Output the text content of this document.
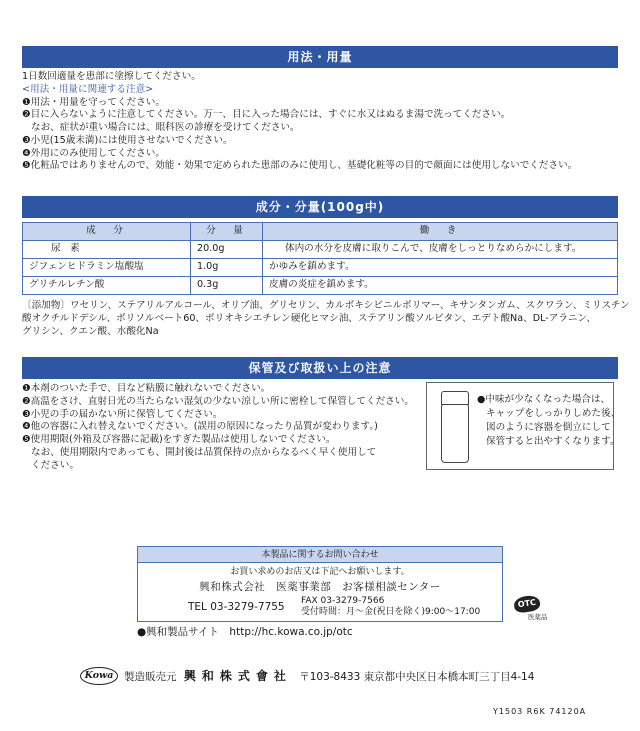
用法・用量
1日数回適量を患部に塗擦してください。
<用法・用量に関連する注意>
❶用法・用量を守ってください。
❷目に入らないように注意してください。万一、目に入った場合には、すぐに水又はぬるま湯で洗ってください。
なお、症状が重い場合には、眼科医の診療を受けてください。
❸小児(15歳未満)には使用させないでください。
❹外用にのみ使用してください。
❺化粧品ではありませんので、効能・効果で定められた患部のみに使用し、基礎化粧等の目的で顔面には使用しないでください。
成分・分量(100g中)
成　分	分　量	働　き
尿　素	20.0g	体内の水分を皮膚に取りこんで、皮膚をしっとりなめらかにします。
ジフェンヒドラミン塩酸塩	1.0g	かゆみを鎮めます。
グリチルレチン酸	0.3g	皮膚の炎症を鎮めます。
〔添加物〕ワセリン、ステアリルアルコール、オリブ油、グリセリン、カルボキシビニルポリマー、キサンタンガム、スクワラン、ミリスチン
酸オクチルドデシル、ポリソルベート60、ポリオキシエチレン硬化ヒマシ油、ステアリン酸ソルビタン、エデト酸Na、DL-アラニン、
グリシン、クエン酸、水酸化Na
保管及び取扱い上の注意
❶本剤のついた手で、目など粘膜に触れないでください。
❷高温をさけ、直射日光の当たらない湿気の少ない涼しい所に密栓して保管してください。
❸小児の手の届かない所に保管してください。
❹他の容器に入れ替えないでください。(誤用の原因になったり品質が変わります。)
❺使用期限(外箱及び容器に記載)をすぎた製品は使用しないでください。
なお、使用期限内であっても、開封後は品質保持の点からなるべく早く使用して
ください。
●中味が少なくなった場合は、
キャップをしっかりしめた後、
図のように容器を倒立にして
保管すると出やすくなります。
本製品に関するお問い合わせ
お買い求めのお店又は下記へお願いします。
興和株式会社　医薬事業部　お客様相談センター
TEL 03-3279-7755 FAX 03-3279-7566
受付時間：月～金(祝日を除く)9:00～17:00
OTC
医薬品
●興和製品サイト　http://hc.kowa.co.jp/otc
Kowa	製造販売元 興和株式會社 〒103-8433 東京都中央区日本橋本町三丁目4-14
Y1503 R6K 74120A
